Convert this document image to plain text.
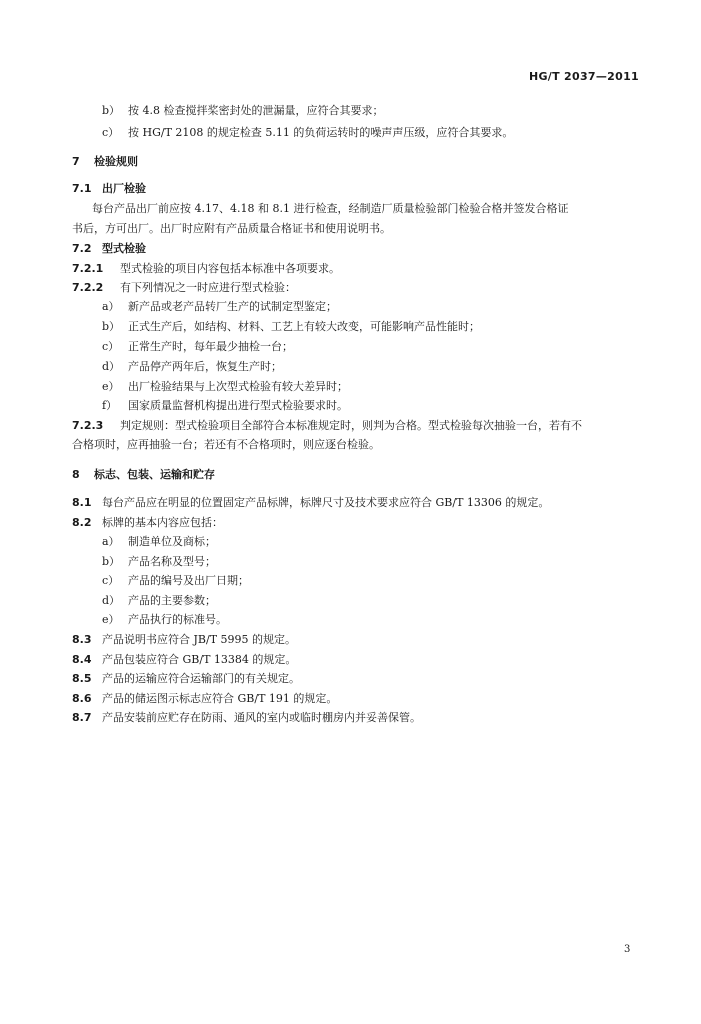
HG/T 2037—2011
b） 按 4.8 检查搅拌桨密封处的泄漏量，应符合其要求；
c） 按 HG/T 2108 的规定检查 5.11 的负荷运转时的噪声声压级，应符合其要求。
7 检验规则
7.1 出厂检验
每台产品出厂前应按 4.17、4.18 和 8.1 进行检查，经制造厂质量检验部门检验合格并签发合格证
书后，方可出厂。出厂时应附有产品质量合格证书和使用说明书。
7.2 型式检验
7.2.1 型式检验的项目内容包括本标准中各项要求。
7.2.2 有下列情况之一时应进行型式检验：
a） 新产品或老产品转厂生产的试制定型鉴定；
b） 正式生产后，如结构、材料、工艺上有较大改变，可能影响产品性能时；
c） 正常生产时，每年最少抽检一台；
d） 产品停产两年后，恢复生产时；
e） 出厂检验结果与上次型式检验有较大差异时；
f） 国家质量监督机构提出进行型式检验要求时。
7.2.3 判定规则：型式检验项目全部符合本标准规定时，则判为合格。型式检验每次抽验一台，若有不
合格项时，应再抽验一台；若还有不合格项时，则应逐台检验。
8 标志、包装、运输和贮存
8.1 每台产品应在明显的位置固定产品标牌，标牌尺寸及技术要求应符合 GB/T 13306 的规定。
8.2 标牌的基本内容应包括：
a） 制造单位及商标；
b） 产品名称及型号；
c） 产品的编号及出厂日期；
d） 产品的主要参数；
e） 产品执行的标准号。
8.3 产品说明书应符合 JB/T 5995 的规定。
8.4 产品包装应符合 GB/T 13384 的规定。
8.5 产品的运输应符合运输部门的有关规定。
8.6 产品的储运图示标志应符合 GB/T 191 的规定。
8.7 产品安装前应贮存在防雨、通风的室内或临时棚房内并妥善保管。
3
